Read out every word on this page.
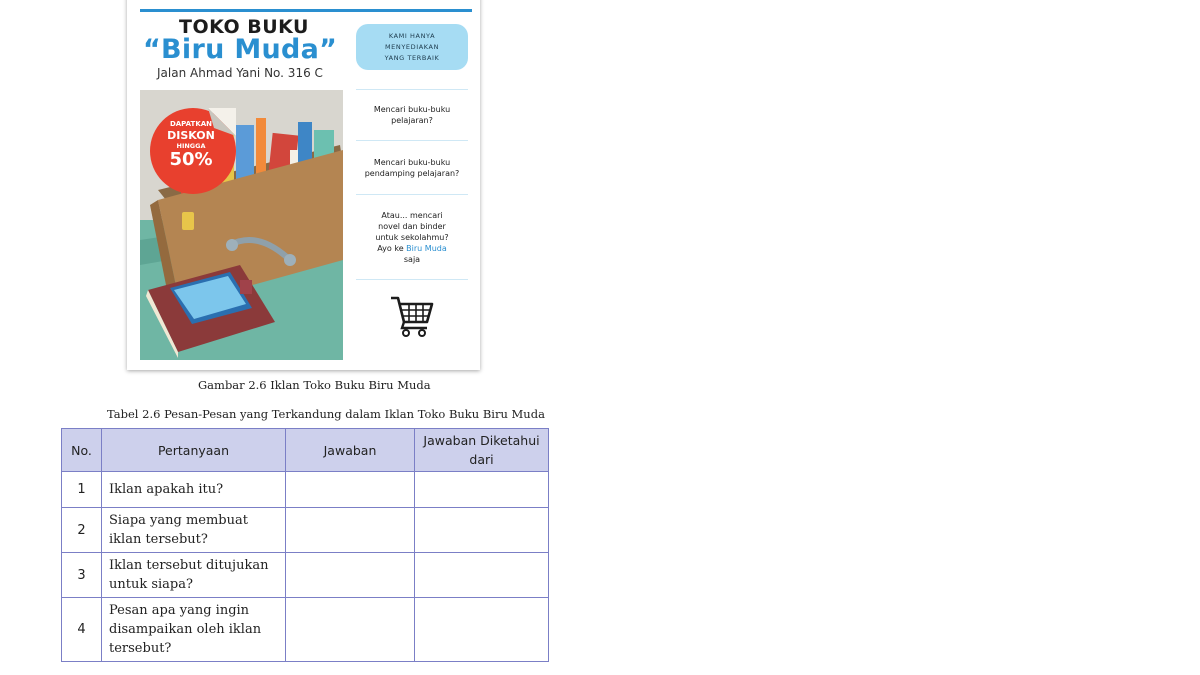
TOKO BUKU
“Biru Muda”
Jalan Ahmad Yani No. 316 C
KAMI HANYA
MENYEDIAKAN
YANG TERBAIK
DAPATKAN
DISKON
HINGGA
50%
Mencari buku-buku
pelajaran?
Mencari buku-buku
pendamping pelajaran?
Atau... mencari
novel dan binder
untuk sekolahmu?
Ayo ke Biru Muda
saja
Gambar 2.6 Iklan Toko Buku Biru Muda
Tabel 2.6 Pesan-Pesan yang Terkandung dalam Iklan Toko Buku Biru Muda
No.	Pertanyaan	Jawaban	Jawaban Diketahui dari
1	Iklan apakah itu?		
2	Siapa yang membuat iklan tersebut?		
3	Iklan tersebut ditujukan untuk siapa?		
4	Pesan apa yang ingin disampaikan oleh iklan tersebut?		
